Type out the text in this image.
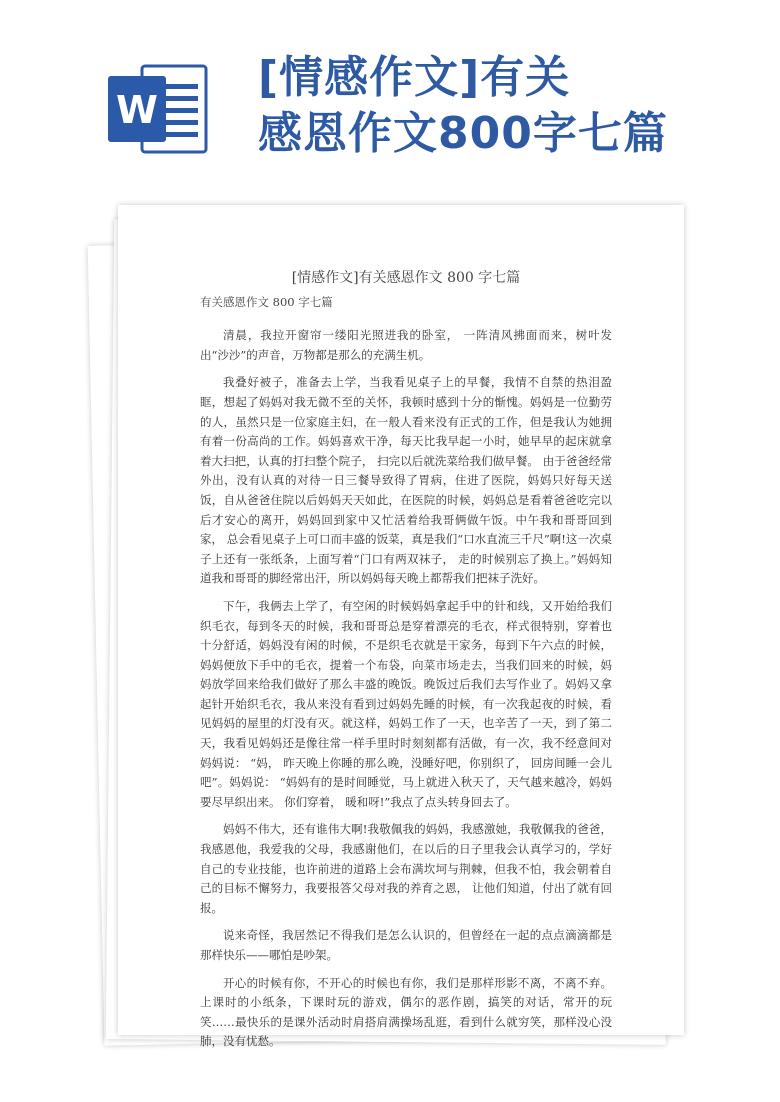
W
[情感作文]有关
感恩作文800字七篇
[情感作文]有关感恩作文 800 字七篇
有关感恩作文 800 字七篇

清晨，我拉开窗帘一缕阳光照进我的卧室， 一阵清风拂面而来，树叶发出“沙沙”的声音，万物都是那么的充满生机。

我叠好被子，准备去上学，当我看见桌子上的早餐，我情不自禁的热泪盈眶，想起了妈妈对我无微不至的关怀，我顿时感到十分的惭愧。妈妈是一位勤劳的人，虽然只是一位家庭主妇，在一般人看来没有正式的工作，但是我认为她拥有着一份高尚的工作。妈妈喜欢干净，每天比我早起一小时，她早早的起床就拿着大扫把，认真的打扫整个院子， 扫完以后就洗菜给我们做早餐。 由于爸爸经常外出，没有认真的对待一日三餐导致得了胃病，住进了医院，妈妈只好每天送饭，自从爸爸住院以后妈妈天天如此，在医院的时候，妈妈总是看着爸爸吃完以后才安心的离开，妈妈回到家中又忙活着给我哥俩做午饭。中午我和哥哥回到家， 总会看见桌子上可口而丰盛的饭菜，真是我们“口水直流三千尺”啊!这一次桌子上还有一张纸条，上面写着“门口有两双袜子， 走的时候别忘了换上。”妈妈知道我和哥哥的脚经常出汗，所以妈妈每天晚上都帮我们把袜子洗好。

下午，我俩去上学了，有空闲的时候妈妈拿起手中的针和线，又开始给我们织毛衣，每到冬天的时候，我和哥哥总是穿着漂亮的毛衣，样式很特别，穿着也十分舒适，妈妈没有闲的时候，不是织毛衣就是干家务，每到下午六点的时候，妈妈便放下手中的毛衣，提着一个布袋，向菜市场走去，当我们回来的时候，妈妈放学回来给我们做好了那么丰盛的晚饭。晚饭过后我们去写作业了。妈妈又拿起针开始织毛衣，我从来没有看到过妈妈先睡的时候，有一次我起夜的时候，看见妈妈的屋里的灯没有灭。就这样，妈妈工作了一天，也辛苦了一天，到了第二天，我看见妈妈还是像往常一样手里时时刻刻都有活做，有一次，我不经意间对妈妈说： “妈， 昨天晚上你睡的那么晚，没睡好吧，你别织了， 回房间睡一会儿吧”。妈妈说： “妈妈有的是时间睡觉，马上就进入秋天了，天气越来越冷，妈妈要尽早织出来。 你们穿着， 暖和呀!”我点了点头转身回去了。

妈妈不伟大，还有谁伟大啊!我敬佩我的妈妈，我感激她，我敬佩我的爸爸，我感恩他，我爱我的父母，我感谢他们，在以后的日子里我会认真学习的，学好自己的专业技能，也许前进的道路上会布满坎坷与荆棘，但我不怕，我会朝着自己的目标不懈努力，我要报答父母对我的养育之恩， 让他们知道，付出了就有回报。

说来奇怪，我居然记不得我们是怎么认识的，但曾经在一起的点点滴滴都是那样快乐——哪怕是吵架。

开心的时候有你，不开心的时候也有你，我们是那样形影不离，不离不弃。上课时的小纸条，下课时玩的游戏，偶尔的恶作剧，搞笑的对话，常开的玩笑……最快乐的是课外活动时肩搭肩满操场乱逛，看到什么就穷笑，那样没心没肺，没有忧愁。
